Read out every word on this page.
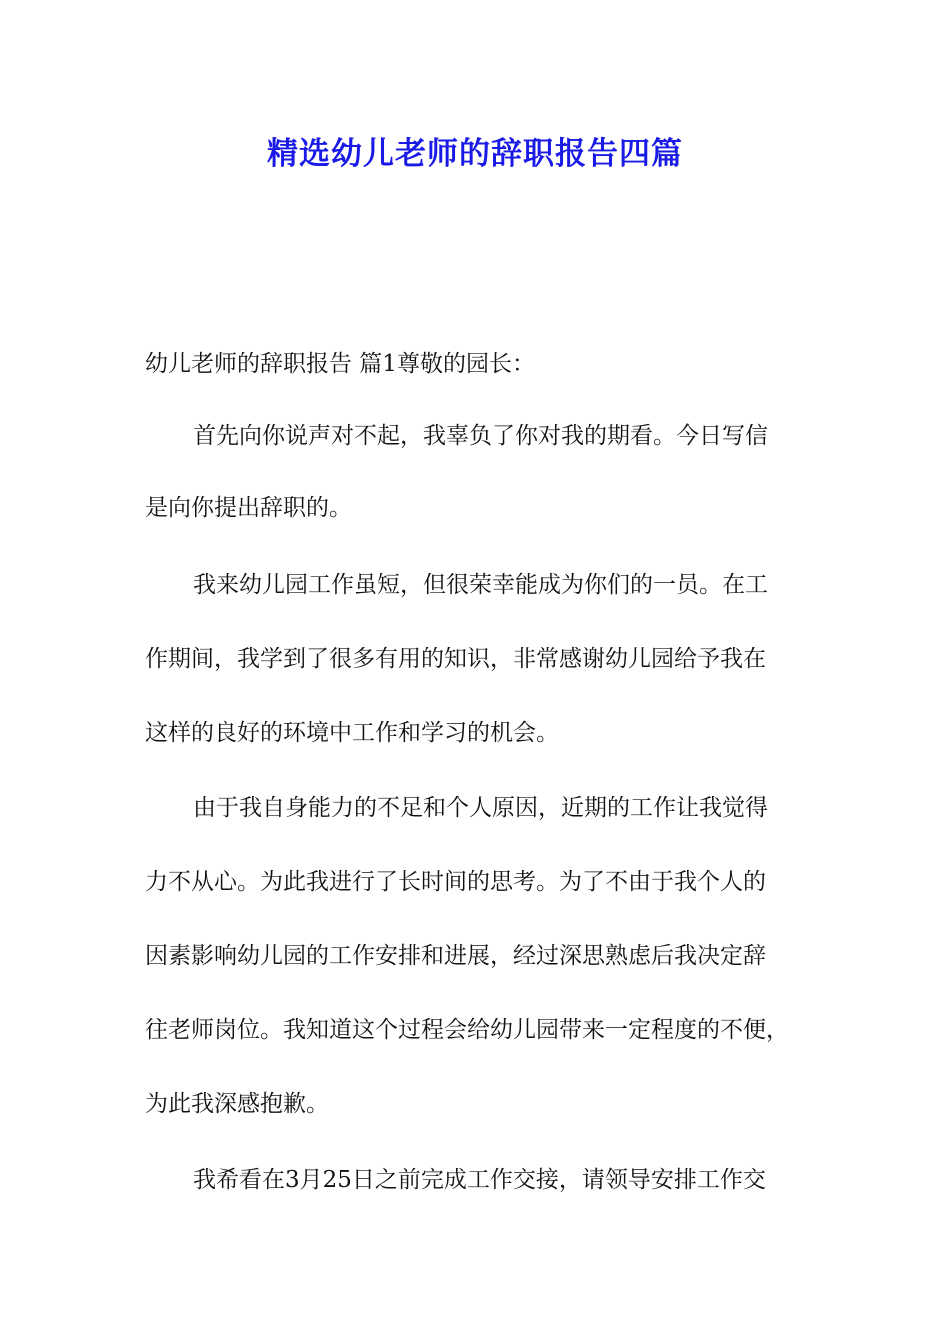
精选幼儿老师的辞职报告四篇
幼儿老师的辞职报告 篇1尊敬的园长：
首先向你说声对不起，我辜负了你对我的期看。今日写信
是向你提出辞职的。
我来幼儿园工作虽短，但很荣幸能成为你们的一员。在工
作期间，我学到了很多有用的知识，非常感谢幼儿园给予我在
这样的良好的环境中工作和学习的机会。
由于我自身能力的不足和个人原因，近期的工作让我觉得
力不从心。为此我进行了长时间的思考。为了不由于我个人的
因素影响幼儿园的工作安排和进展，经过深思熟虑后我决定辞
往老师岗位。我知道这个过程会给幼儿园带来一定程度的不便，
为此我深感抱歉。
我希看在3月25日之前完成工作交接，请领导安排工作交
